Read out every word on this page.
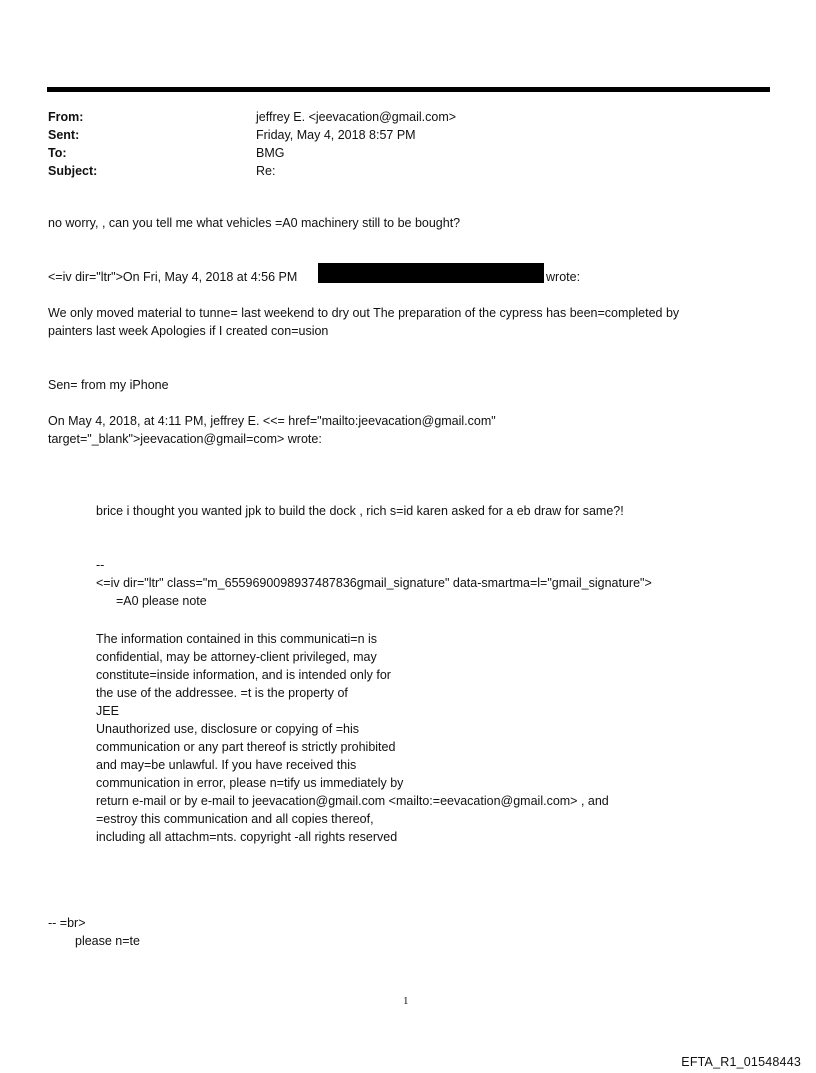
From:	jeffrey E. <jeevacation@gmail.com>
Sent:	Friday, May 4, 2018 8:57 PM
To:	BMG
Subject:	Re:
no worry, , can you tell me what vehicles =A0 machinery still to be bought?
<=iv dir="ltr">On Fri, May 4, 2018 at 4:56 PM	wrote:
We only moved material to tunne= last weekend to dry out The preparation of the cypress has been=completed by
painters last week Apologies if I created con=usion
Sen= from my iPhone
On May 4, 2018, at 4:11 PM, jeffrey E. <<= href="mailto:jeevacation@gmail.com"
target="_blank">jeevacation@gmail=com> wrote:
brice i thought you wanted jpk to build the dock , rich s=id karen asked for a eb draw for same?!
--
<=iv dir="ltr" class="m_6559690098937487836gmail_signature" data-smartma=l="gmail_signature">
=A0 please note
The information contained in this communicati=n is
confidential, may be attorney-client privileged, may
constitute=inside information, and is intended only for
the use of the addressee. =t is the property of
JEE
Unauthorized use, disclosure or copying of =his
communication or any part thereof is strictly prohibited
and may=be unlawful. If you have received this
communication in error, please n=tify us immediately by
return e-mail or by e-mail to jeevacation@gmail.com <mailto:=eevacation@gmail.com> , and
=estroy this communication and all copies thereof,
including all attachm=nts. copyright -all rights reserved
-- =br>
please n=te
1
EFTA_R1_01548443
